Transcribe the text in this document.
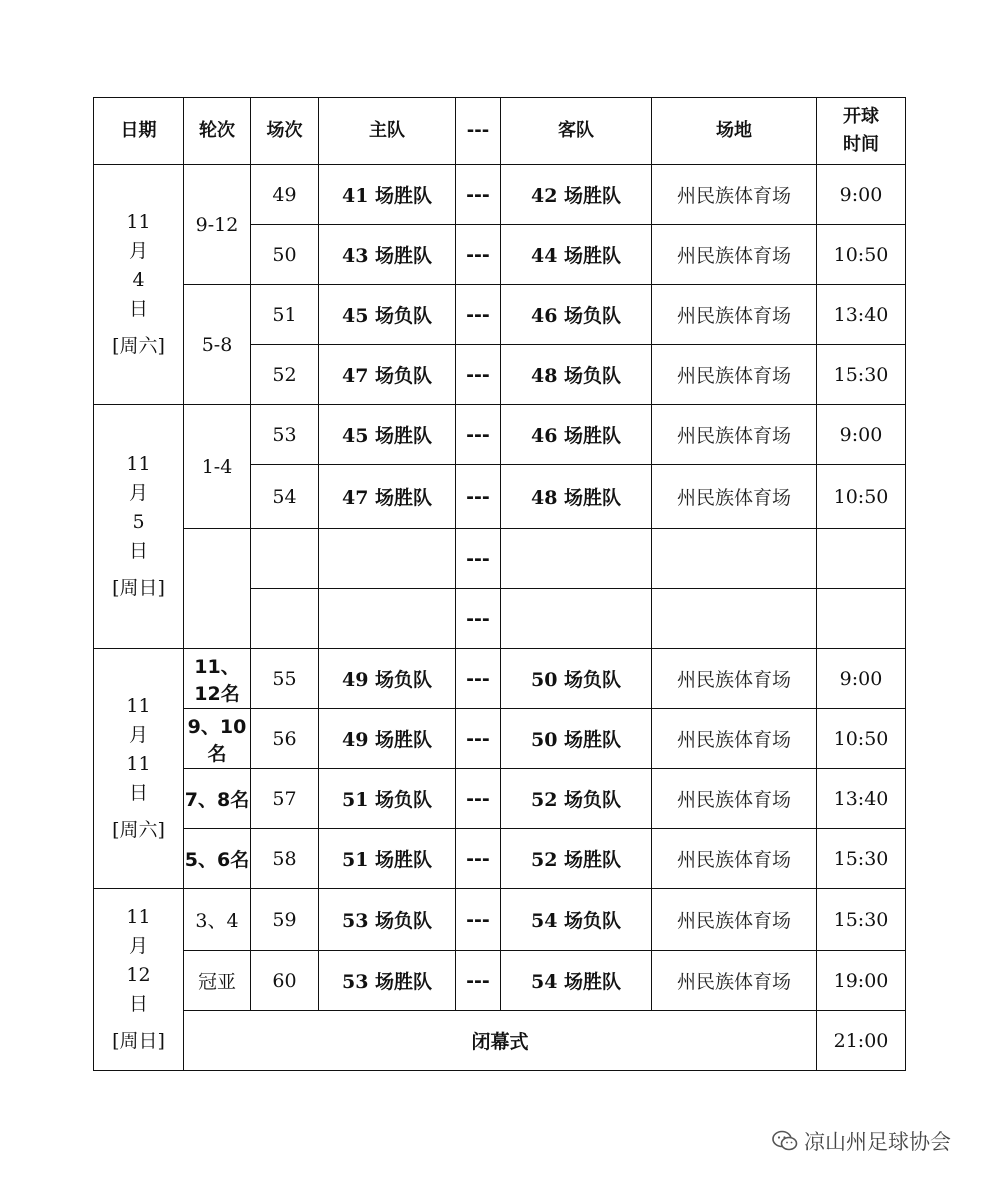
日期	轮次	场次	主队	---	客队	场地	开球
时间

11
月
4
日
[周六]	9-12	49	41 场胜队	---	42 场胜队	州民族体育场	9:00
		50	43 场胜队	---	44 场胜队	州民族体育场	10:50
	5-8	51	45 场负队	---	46 场负队	州民族体育场	13:40
		52	47 场负队	---	48 场负队	州民族体育场	15:30

11
月
5
日
[周日]	1-4	53	45 场胜队	---	46 场胜队	州民族体育场	9:00
		54	47 场胜队	---	48 场胜队	州民族体育场	10:50
				---			
				---			

11
月
11
日
[周六]	11、12名	55	49 场负队	---	50 场负队	州民族体育场	9:00
	9、10名	56	49 场胜队	---	50 场胜队	州民族体育场	10:50
	7、8名	57	51 场负队	---	52 场负队	州民族体育场	13:40
	5、6名	58	51 场胜队	---	52 场胜队	州民族体育场	15:30

11
月
12
日
[周日]	3、4	59	53 场负队	---	54 场负队	州民族体育场	15:30
	冠亚	60	53 场胜队	---	54 场胜队	州民族体育场	19:00
	闭幕式						21:00
凉山州足球协会
